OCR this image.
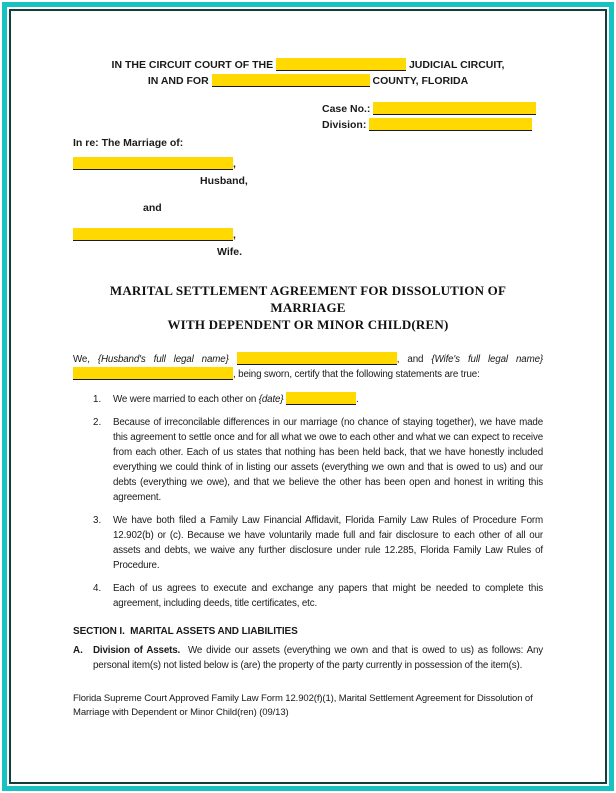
IN THE CIRCUIT COURT OF THE	JUDICIAL CIRCUIT,
IN AND FOR	COUNTY, FLORIDA
Case No.:
Division:
In re: The Marriage of:
,
Husband,
and
,
Wife.
MARITAL SETTLEMENT AGREEMENT FOR DISSOLUTION OF MARRIAGE
WITH DEPENDENT OR MINOR CHILD(REN)

We, {Husband's full legal name}	, and {Wife's full legal name} , being sworn, certify that the following statements are true:

1.	We were married to each other on {date}	.
2.	Because of irreconcilable differences in our marriage (no chance of staying together), we have made this agreement to settle once and for all what we owe to each other and what we can expect to receive from each other. Each of us states that nothing has been held back, that we have honestly included everything we could think of in listing our assets (everything we own and that is owed to us) and our debts (everything we owe), and that we believe the other has been open and honest in writing this agreement.
3.	We have both filed a Family Law Financial Affidavit, Florida Family Law Rules of Procedure Form 12.902(b) or (c). Because we have voluntarily made full and fair disclosure to each other of all our assets and debts, we waive any further disclosure under rule 12.285, Florida Family Law Rules of Procedure.
4.	Each of us agrees to execute and exchange any papers that might be needed to complete this agreement, including deeds, title certificates, etc.
SECTION I.  MARITAL ASSETS AND LIABILITIES
A.	Division of Assets.  We divide our assets (everything we own and that is owed to us) as follows: Any personal item(s) not listed below is (are) the property of the party currently in possession of the item(s).
Florida Supreme Court Approved Family Law Form 12.902(f)(1), Marital Settlement Agreement for Dissolution of Marriage with Dependent or Minor Child(ren) (09/13)
